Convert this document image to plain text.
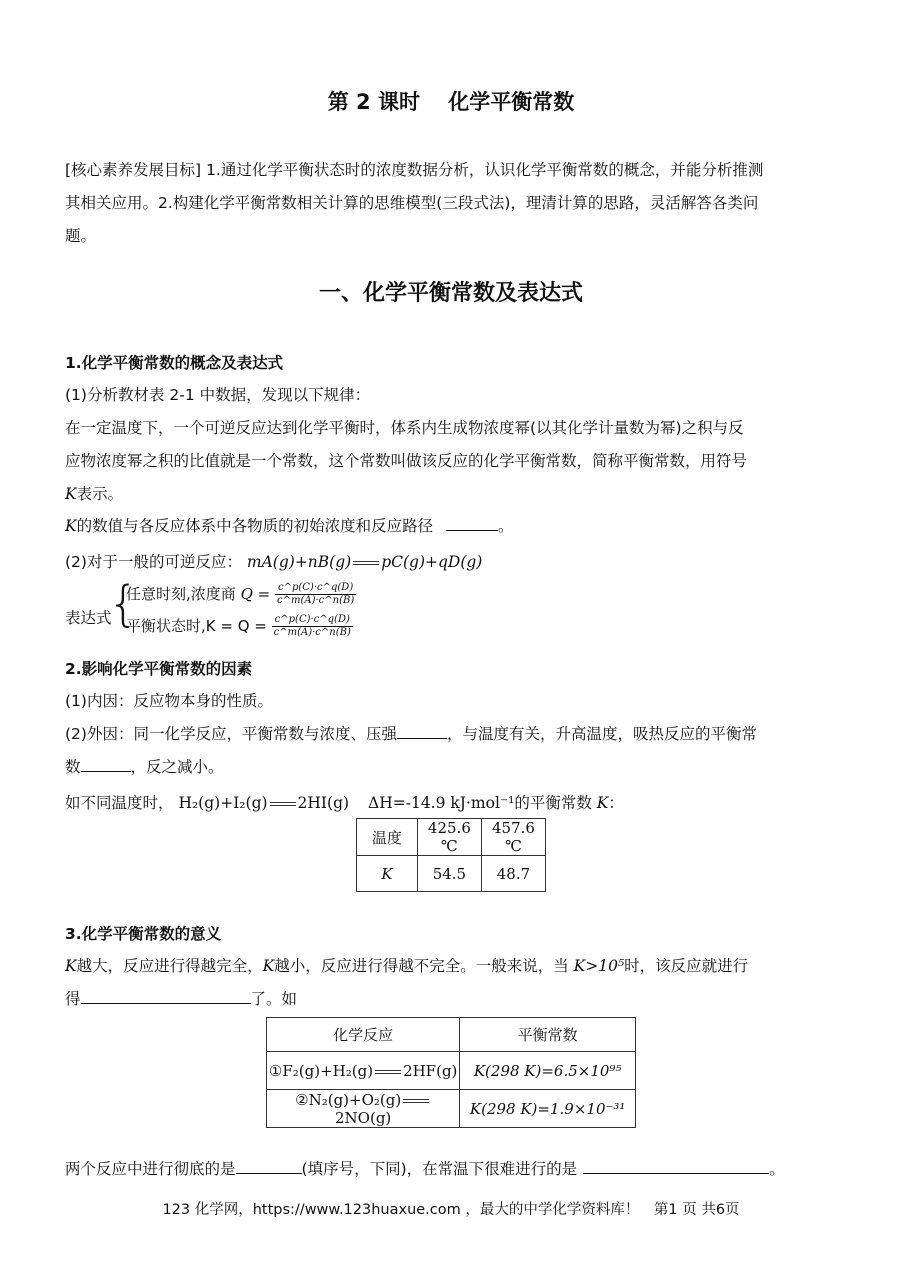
第 2 课时　 化学平衡常数
[核心素养发展目标] 1.通过化学平衡状态时的浓度数据分析，认识化学平衡常数的概念，并能分析推测
其相关应用。2.构建化学平衡常数相关计算的思维模型(三段式法)，理清计算的思路，灵活解答各类问
题。
一、化学平衡常数及表达式
1.化学平衡常数的概念及表达式
(1)分析教材表 2-1 中数据，发现以下规律：
在一定温度下，一个可逆反应达到化学平衡时，体系内生成物浓度幂(以其化学计量数为幂)之积与反
应物浓度幂之积的比值就是一个常数，这个常数叫做该反应的化学平衡常数，简称平衡常数，用符号
K表示。
K的数值与各反应体系中各物质的初始浓度和反应路径	。
(2)对于一般的可逆反应： mA(g)+nB(g) pC(g)+qD(g)
表达式
{
任意时刻,浓度商 $Q = \frac{c\^{}p(C)\cdot c\^{}q(D)}{c\^{}m(A)\cdot c\^{}n(B)}$
平衡状态时$,K = Q = \frac{c\^{}p(C)\cdot c\^{}q(D)}{c\^{}m(A)\cdot c\^{}n(B)}$
2.影响化学平衡常数的因素
(1)内因：反应物本身的性质。
(2)外因：同一化学反应，平衡常数与浓度、压强	，与温度有关，升高温度，吸热反应的平衡常
数	，反之减小。
如不同温度时， H₂(g)+I₂(g) 2HI(g) ΔH=-14.9 kJ·mol⁻¹的平衡常数 K：
温度	425.6 ℃	457.6 ℃
K	54.5	48.7
3.化学平衡常数的意义
K越大，反应进行得越完全，K越小，反应进行得越不完全。一般来说，当 K>10⁵时，该反应就进行
得	了。如
化学反应	平衡常数
①F₂(g)+H₂(g) 2HF(g)	K(298 K)=6.5×10⁹⁵
②N₂(g)+O₂(g)2NO(g)	K(298 K)=1.9×10⁻³¹
两个反应中进行彻底的是	(填序号，下同)，在常温下很难进行的是	。
123 化学网，https://www.123huaxue.com ，最大的中学化学资料库！　第1 页 共6页
